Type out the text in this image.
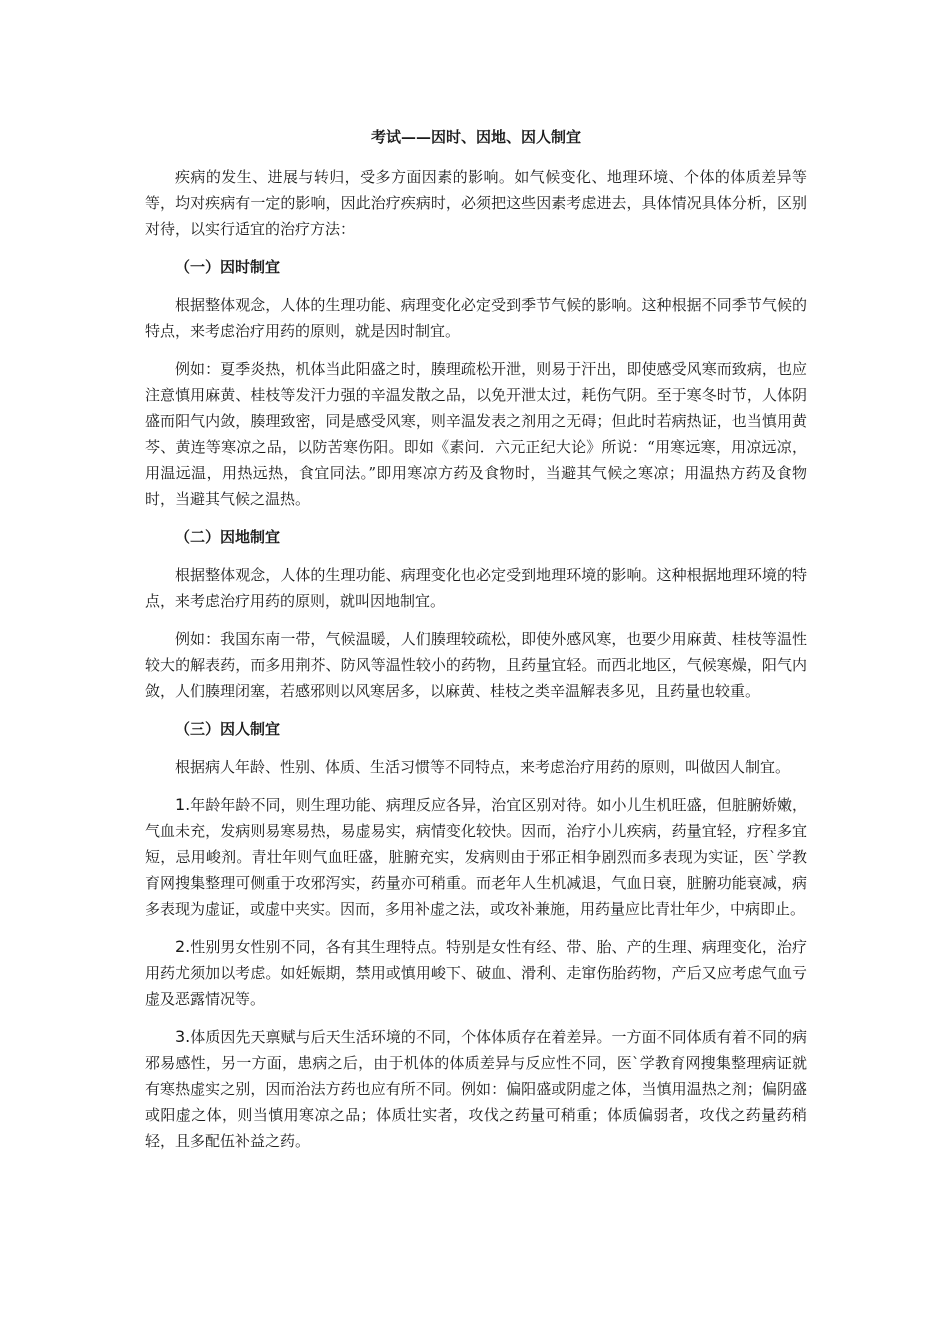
考试——因时、因地、因人制宜

疾病的发生、进展与转归，受多方面因素的影响。如气候变化、地理环境、个体的体质差异等等，均对疾病有一定的影响，因此治疗疾病时，必须把这些因素考虑进去，具体情况具体分析，区别对待，以实行适宜的治疗方法：

（一）因时制宜

根据整体观念，人体的生理功能、病理变化必定受到季节气候的影响。这种根据不同季节气候的特点，来考虑治疗用药的原则，就是因时制宜。

例如：夏季炎热，机体当此阳盛之时，腠理疏松开泄，则易于汗出，即使感受风寒而致病，也应注意慎用麻黄、桂枝等发汗力强的辛温发散之品，以免开泄太过，耗伤气阴。至于寒冬时节，人体阴盛而阳气内敛，腠理致密，同是感受风寒，则辛温发表之剂用之无碍；但此时若病热证，也当慎用黄芩、黄连等寒凉之品，以防苦寒伤阳。即如《素问．六元正纪大论》所说：“用寒远寒，用凉远凉，用温远温，用热远热，食宜同法。”即用寒凉方药及食物时，当避其气候之寒凉；用温热方药及食物时，当避其气候之温热。

（二）因地制宜

根据整体观念，人体的生理功能、病理变化也必定受到地理环境的影响。这种根据地理环境的特点，来考虑治疗用药的原则，就叫因地制宜。

例如：我国东南一带，气候温暖，人们腠理较疏松，即使外感风寒，也要少用麻黄、桂枝等温性较大的解表药，而多用荆芥、防风等温性较小的药物，且药量宜轻。而西北地区，气候寒燥，阳气内敛，人们腠理闭塞，若感邪则以风寒居多，以麻黄、桂枝之类辛温解表多见，且药量也较重。

（三）因人制宜

根据病人年龄、性别、体质、生活习惯等不同特点，来考虑治疗用药的原则，叫做因人制宜。

1.年龄年龄不同，则生理功能、病理反应各异，治宜区别对待。如小儿生机旺盛，但脏腑娇嫩，气血未充，发病则易寒易热，易虚易实，病情变化较快。因而，治疗小儿疾病，药量宜轻，疗程多宜短，忌用峻剂。青壮年则气血旺盛，脏腑充实，发病则由于邪正相争剧烈而多表现为实证，医`学教育网搜集整理可侧重于攻邪泻实，药量亦可稍重。而老年人生机减退，气血日衰，脏腑功能衰减，病多表现为虚证，或虚中夹实。因而，多用补虚之法，或攻补兼施，用药量应比青壮年少，中病即止。

2.性别男女性别不同，各有其生理特点。特别是女性有经、带、胎、产的生理、病理变化，治疗用药尤须加以考虑。如妊娠期，禁用或慎用峻下、破血、滑利、走窜伤胎药物，产后又应考虑气血亏虚及恶露情况等。

3.体质因先天禀赋与后天生活环境的不同，个体体质存在着差异。一方面不同体质有着不同的病邪易感性，另一方面，患病之后，由于机体的体质差异与反应性不同，医`学教育网搜集整理病证就有寒热虚实之别，因而治法方药也应有所不同。例如：偏阳盛或阴虚之体，当慎用温热之剂；偏阴盛或阳虚之体，则当慎用寒凉之品；体质壮实者，攻伐之药量可稍重；体质偏弱者，攻伐之药量药稍轻，且多配伍补益之药。
